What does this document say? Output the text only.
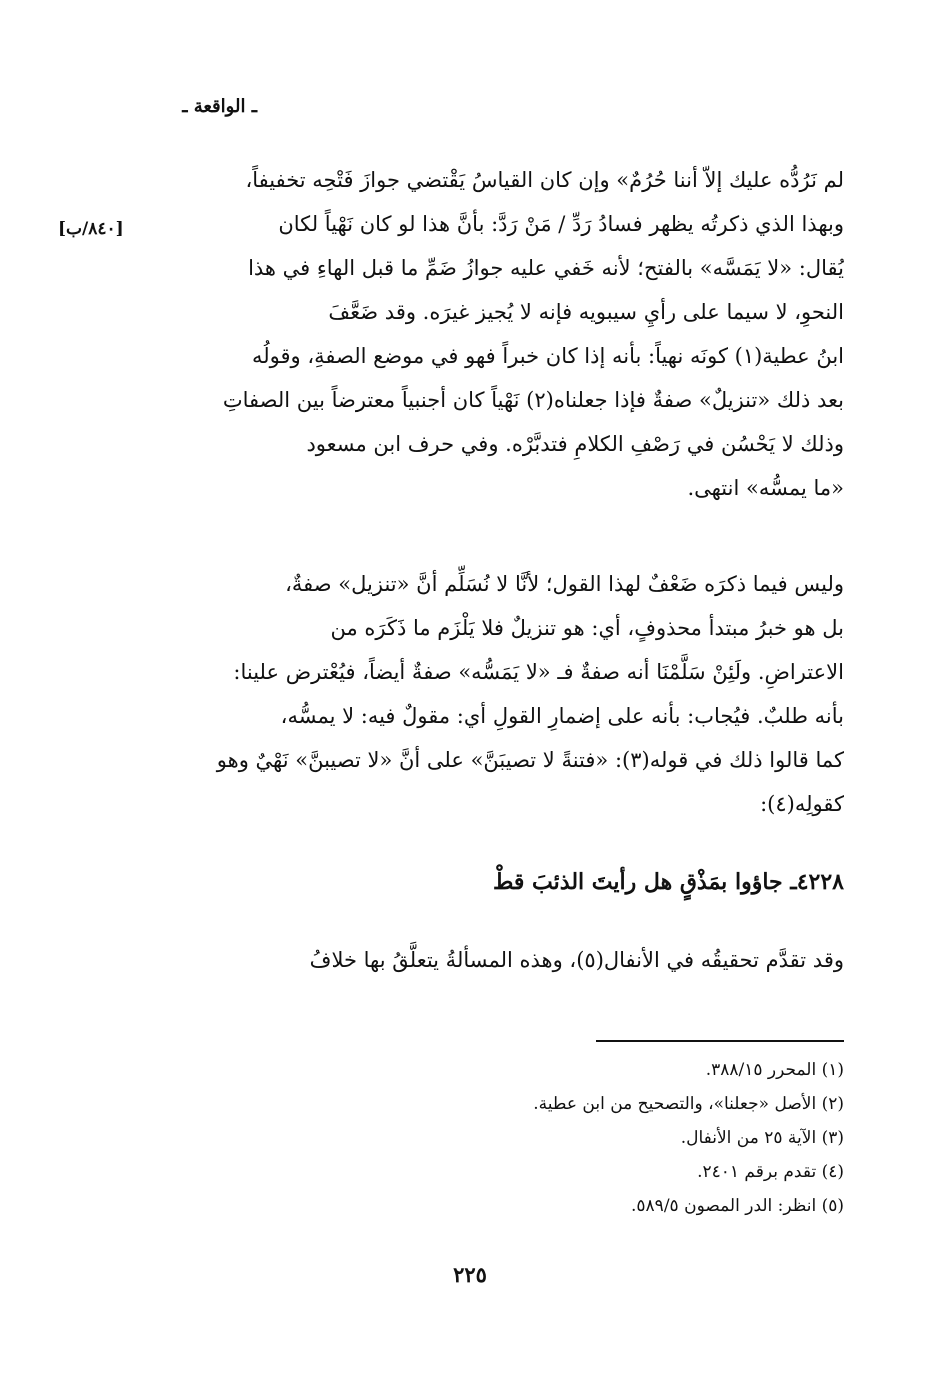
ـ الواقعة ـ
[٨٤٠/ب]
لم نَرُدُّه عليك إلاّ أننا حُرُمٌ» وإن كان القياسُ يَقْتضي جوازَ فَتْحِه تخفيفاً،
وبهذا الذي ذكرتُه يظهر فسادُ رَدِّ / مَنْ رَدَّ: بأنَّ هذا لو كان نَهْياً لكان
يُقال: «لا يَمَسَّه» بالفتح؛ لأنه خَفي عليه جوازُ ضَمِّ ما قبل الهاءِ في هذا
النحوِ، لا سيما على رأيِ سيبويه فإنه لا يُجيز غيرَه. وقد ضَعَّفَ
ابنُ عطية(١) كونَه نهياً: بأنه إذا كان خبراً فهو في موضع الصفةِ، وقولُه
بعد ذلك «تنزيلٌ» صفةٌ فإذا جعلناه(٢) نَهْياً كان أجنبياً معترضاً بين الصفاتِ
وذلك لا يَحْسُن في رَصْفِ الكلامِ فتدبَّرْه. وفي حرف ابن مسعود
«ما يمسُّه» انتهى.
وليس فيما ذكرَه ضَعْفٌ لهذا القول؛ لأنَّا لا نُسَلِّم أنَّ «تنزيل» صفةٌ،
بل هو خبرُ مبتدأ محذوفٍ، أي: هو تنزيلٌ فلا يَلْزَم ما ذَكَرَه من
الاعتراضِ. ولَئِنْ سَلَّمْنَا أنه صفةٌ فـ «لا يَمَسُّه» صفةٌ أيضاً، فيُعْترض علينا:
بأنه طلبٌ. فيُجاب: بأنه على إضمارِ القولِ أي: مقولٌ فيه: لا يمسُّه،
كما قالوا ذلك في قوله(٣): «فتنةً لا تصيبَنَّ» على أنَّ «لا تصيبنَّ» نَهْيٌ وهو
كقولِه(٤):
٤٢٢٨ـ جاؤوا بمَذْقٍ هل رأيتَ الذئبَ قطْ
وقد تقدَّم تحقيقُه في الأنفال(٥)، وهذه المسألةُ يتعلَّقُ بها خلافُ
(١) المحرر ٣٨٨/١٥.
(٢) الأصل «جعلنا»، والتصحيح من ابن عطية.
(٣) الآية ٢٥ من الأنفال.
(٤) تقدم برقم ٢٤٠١.
(٥) انظر: الدر المصون ٥٨٩/٥.
٢٢٥
